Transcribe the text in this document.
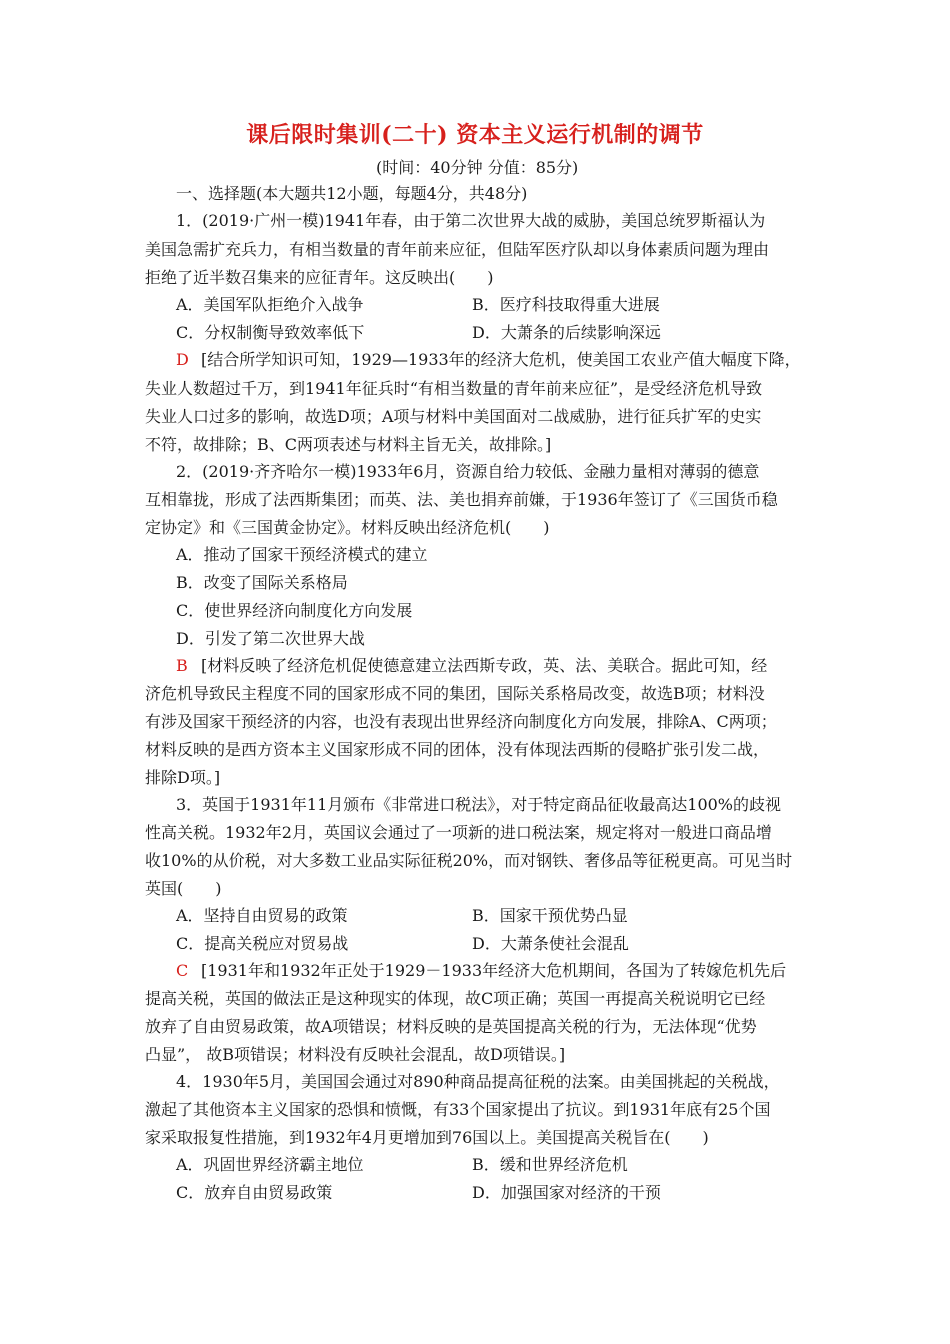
课后限时集训(二十) 资本主义运行机制的调节
(时间：40分钟 分值：85分)
一、选择题(本大题共12小题，每题4分，共48分)
1．(2019·广州一模)1941年春，由于第二次世界大战的威胁，美国总统罗斯福认为
美国急需扩充兵力，有相当数量的青年前来应征，但陆军医疗队却以身体素质问题为理由
拒绝了近半数召集来的应征青年。这反映出(　　)
A．美国军队拒绝介入战争	B．医疗科技取得重大进展
C．分权制衡导致效率低下	D．大萧条的后续影响深远
D [结合所学知识可知，1929—1933年的经济大危机，使美国工农业产值大幅度下降，
失业人数超过千万，到1941年征兵时“有相当数量的青年前来应征”，是受经济危机导致
失业人口过多的影响，故选D项；A项与材料中美国面对二战威胁，进行征兵扩军的史实
不符，故排除；B、C两项表述与材料主旨无关，故排除。]
2．(2019·齐齐哈尔一模)1933年6月，资源自给力较低、金融力量相对薄弱的德意
互相靠拢，形成了法西斯集团；而英、法、美也捐弃前嫌，于1936年签订了《三国货币稳
定协定》和《三国黄金协定》。材料反映出经济危机(　　)
A．推动了国家干预经济模式的建立
B．改变了国际关系格局
C．使世界经济向制度化方向发展
D．引发了第二次世界大战
B [材料反映了经济危机促使德意建立法西斯专政，英、法、美联合。据此可知，经
济危机导致民主程度不同的国家形成不同的集团，国际关系格局改变，故选B项；材料没
有涉及国家干预经济的内容，也没有表现出世界经济向制度化方向发展，排除A、C两项；
材料反映的是西方资本主义国家形成不同的团体，没有体现法西斯的侵略扩张引发二战，
排除D项。]
3．英国于1931年11月颁布《非常进口税法》，对于特定商品征收最高达100%的歧视
性高关税。1932年2月，英国议会通过了一项新的进口税法案，规定将对一般进口商品增
收10%的从价税，对大多数工业品实际征税20%，而对钢铁、奢侈品等征税更高。可见当时
英国(　　)
A．坚持自由贸易的政策	B．国家干预优势凸显
C．提高关税应对贸易战	D．大萧条使社会混乱
C [1931年和1932年正处于1929－1933年经济大危机期间，各国为了转嫁危机先后
提高关税，英国的做法正是这种现实的体现，故C项正确；英国一再提高关税说明它已经
放弃了自由贸易政策，故A项错误；材料反映的是英国提高关税的行为，无法体现“优势
凸显”， 故B项错误；材料没有反映社会混乱，故D项错误。]
4．1930年5月，美国国会通过对890种商品提高征税的法案。由美国挑起的关税战，
激起了其他资本主义国家的恐惧和愤慨，有33个国家提出了抗议。到1931年底有25个国
家采取报复性措施，到1932年4月更增加到76国以上。美国提高关税旨在(　　)
A．巩固世界经济霸主地位	B．缓和世界经济危机
C．放弃自由贸易政策	D．加强国家对经济的干预
